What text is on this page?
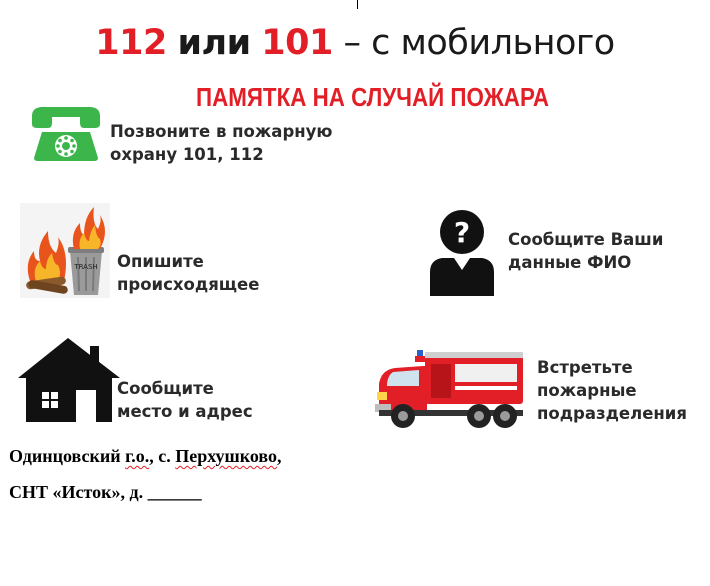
112 или 101 – с мобильного
ПАМЯТКА НА СЛУЧАЙ ПОЖАРА
Позвоните в пожарную
охрану 101, 112
TRASH Опишите
происходящее
? Сообщите Ваши
данные ФИО
Сообщите
место и адрес
Встретьте
пожарные
подразделения
Одинцовский г.о., с. Перхушково,
СНТ «Исток», д. ______
